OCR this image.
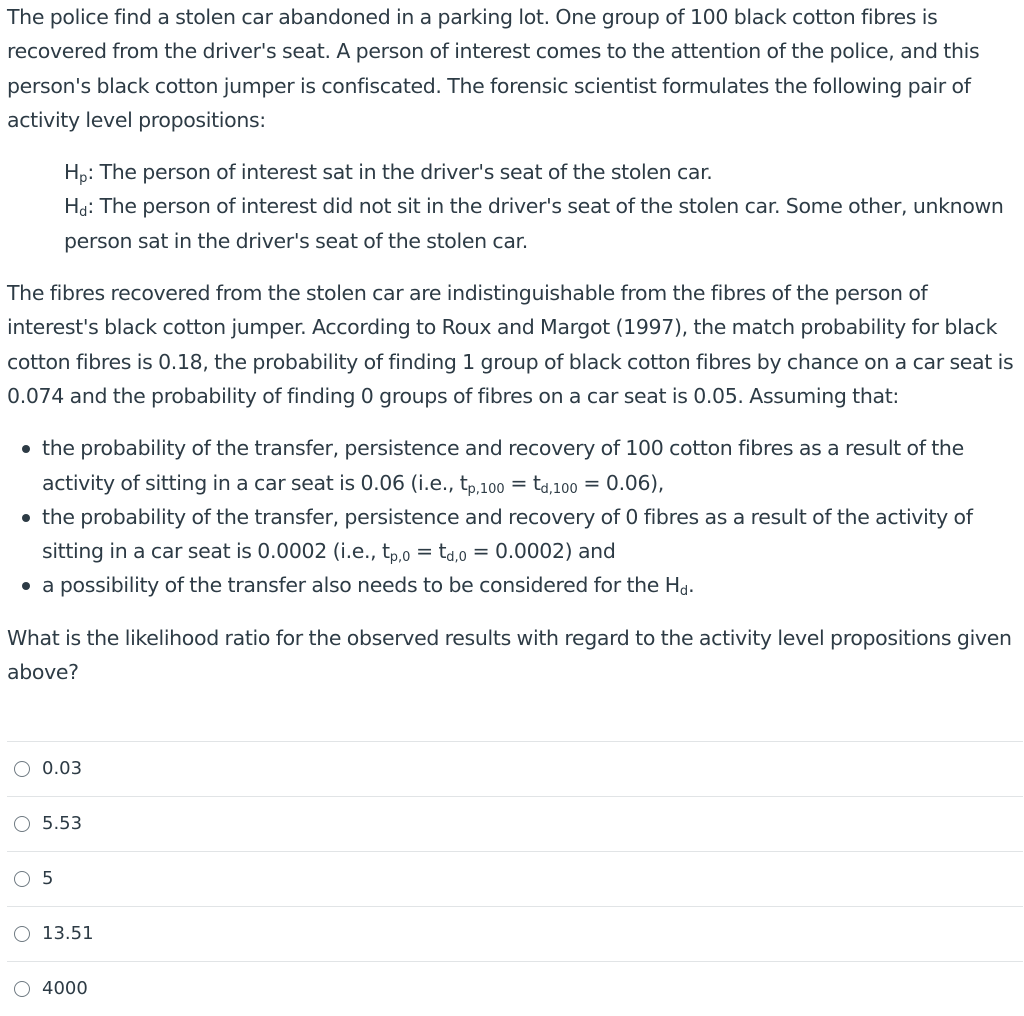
The police find a stolen car abandoned in a parking lot. One group of 100 black cotton fibres is recovered from the driver's seat. A person of interest comes to the attention of the police, and this person's black cotton jumper is confiscated. The forensic scientist formulates the following pair of activity level propositions:

$H_p$: The person of interest sat in the driver's seat of the stolen car.

$H_d$: The person of interest did not sit in the driver's seat of the stolen car. Some other, unknown person sat in the driver's seat of the stolen car.

The fibres recovered from the stolen car are indistinguishable from the fibres of the person of interest's black cotton jumper. According to Roux and Margot (1997), the match probability for black cotton fibres is 0.18, the probability of finding 1 group of black cotton fibres by chance on a car seat is 0.074 and the probability of finding 0 groups of fibres on a car seat is 0.05. Assuming that:

the probability of the transfer, persistence and recovery of 100 cotton fibres as a result of the activity of sitting in a car seat is 0.06 (i.e., $t_{p,100} = t_{d,100} = 0.06$),
the probability of the transfer, persistence and recovery of 0 fibres as a result of the activity of sitting in a car seat is 0.0002 (i.e., $t_{p,0} = t_{d,0} = 0.0002$) and
a possibility of the transfer also needs to be considered for the $H_d$.

What is the likelihood ratio for the observed results with regard to the activity level propositions given above?

0.03
5.53
5
13.51
4000
